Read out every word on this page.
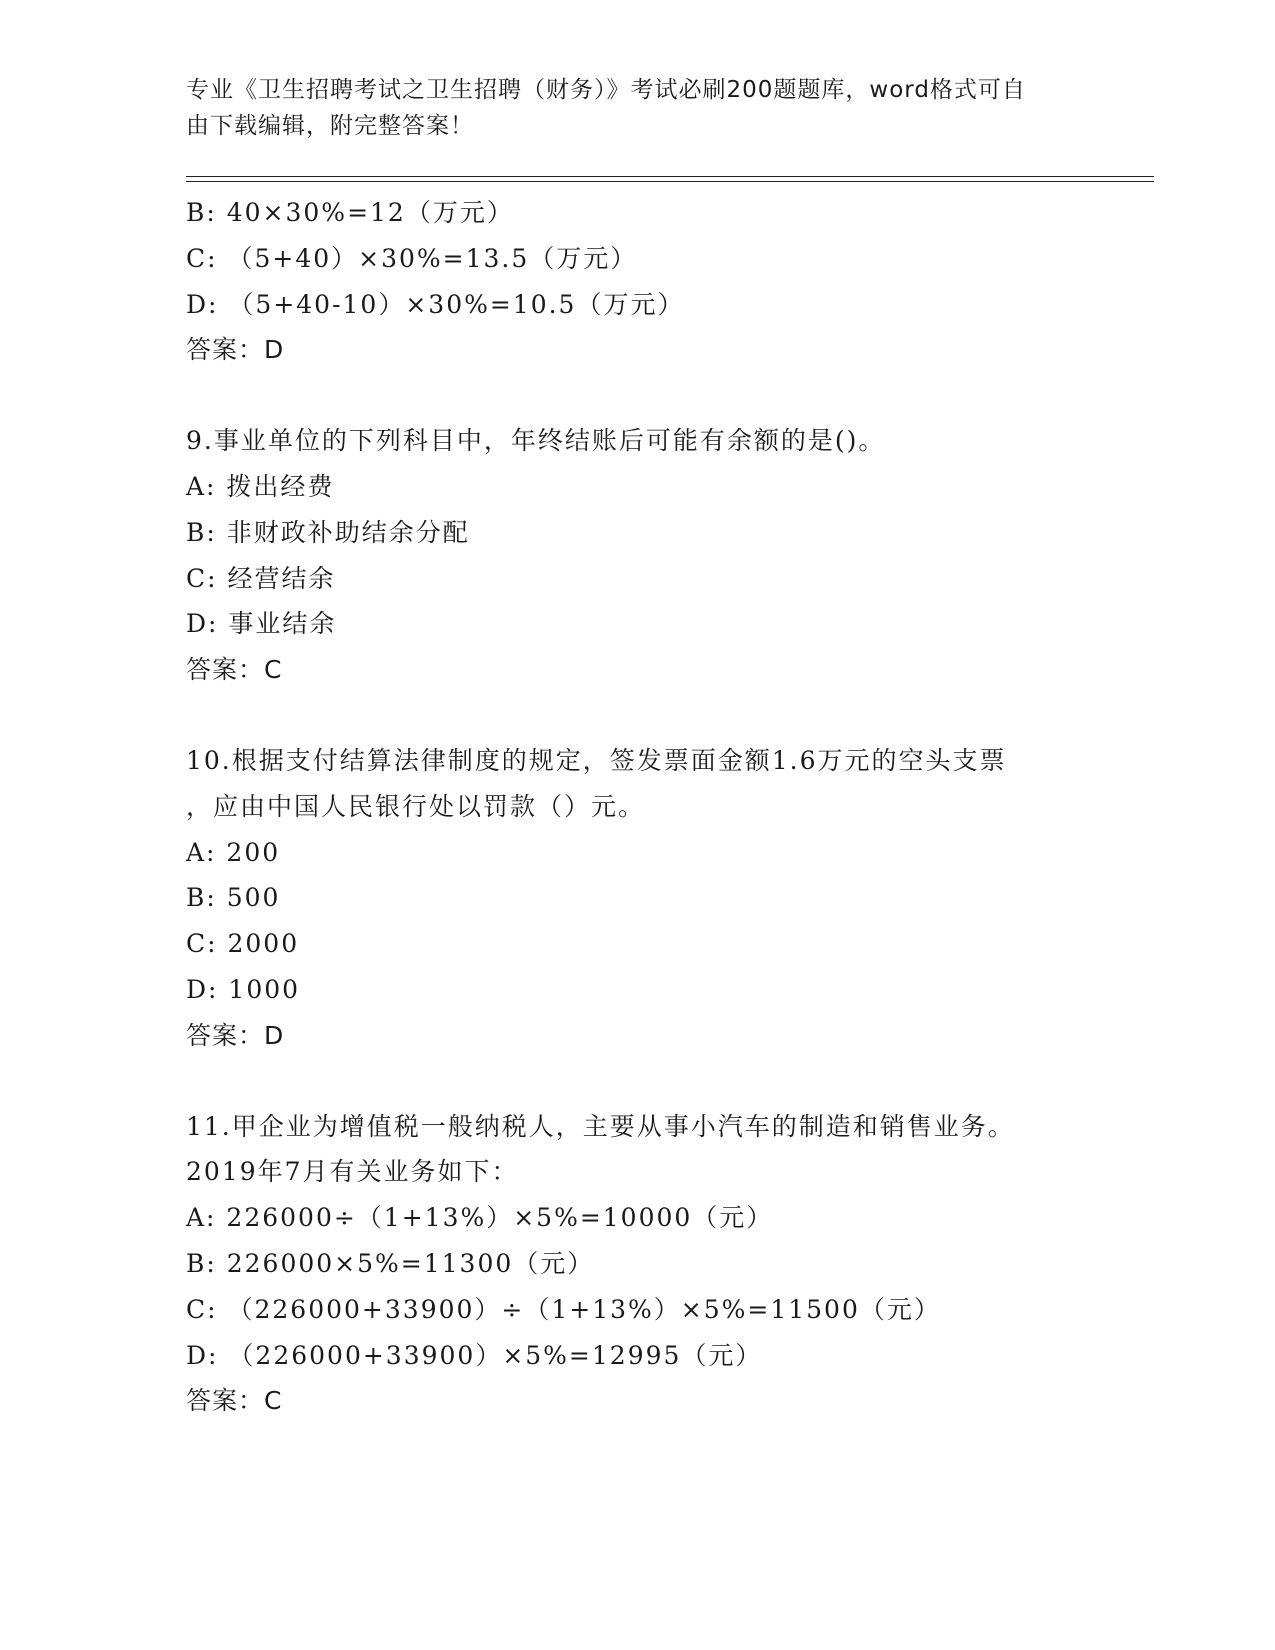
专业《卫生招聘考试之卫生招聘（财务）》考试必刷200题题库，word格式可自
由下载编辑，附完整答案！
B: 40×30%=12（万元）
C: （5+40）×30%=13.5（万元）
D: （5+40-10）×30%=10.5（万元）
答案：D
9.事业单位的下列科目中，年终结账后可能有余额的是()。
A: 拨出经费
B: 非财政补助结余分配
C: 经营结余
D: 事业结余
答案：C
10.根据支付结算法律制度的规定，签发票面金额1.6万元的空头支票
，应由中国人民银行处以罚款（）元。
A: 200
B: 500
C: 2000
D: 1000
答案：D
11.甲企业为增值税一般纳税人，主要从事小汽车的制造和销售业务。
2019年7月有关业务如下：
A: 226000÷（1+13%）×5%=10000（元）
B: 226000×5%=11300（元）
C: （226000+33900）÷（1+13%）×5%=11500（元）
D: （226000+33900）×5%=12995（元）
答案：C
